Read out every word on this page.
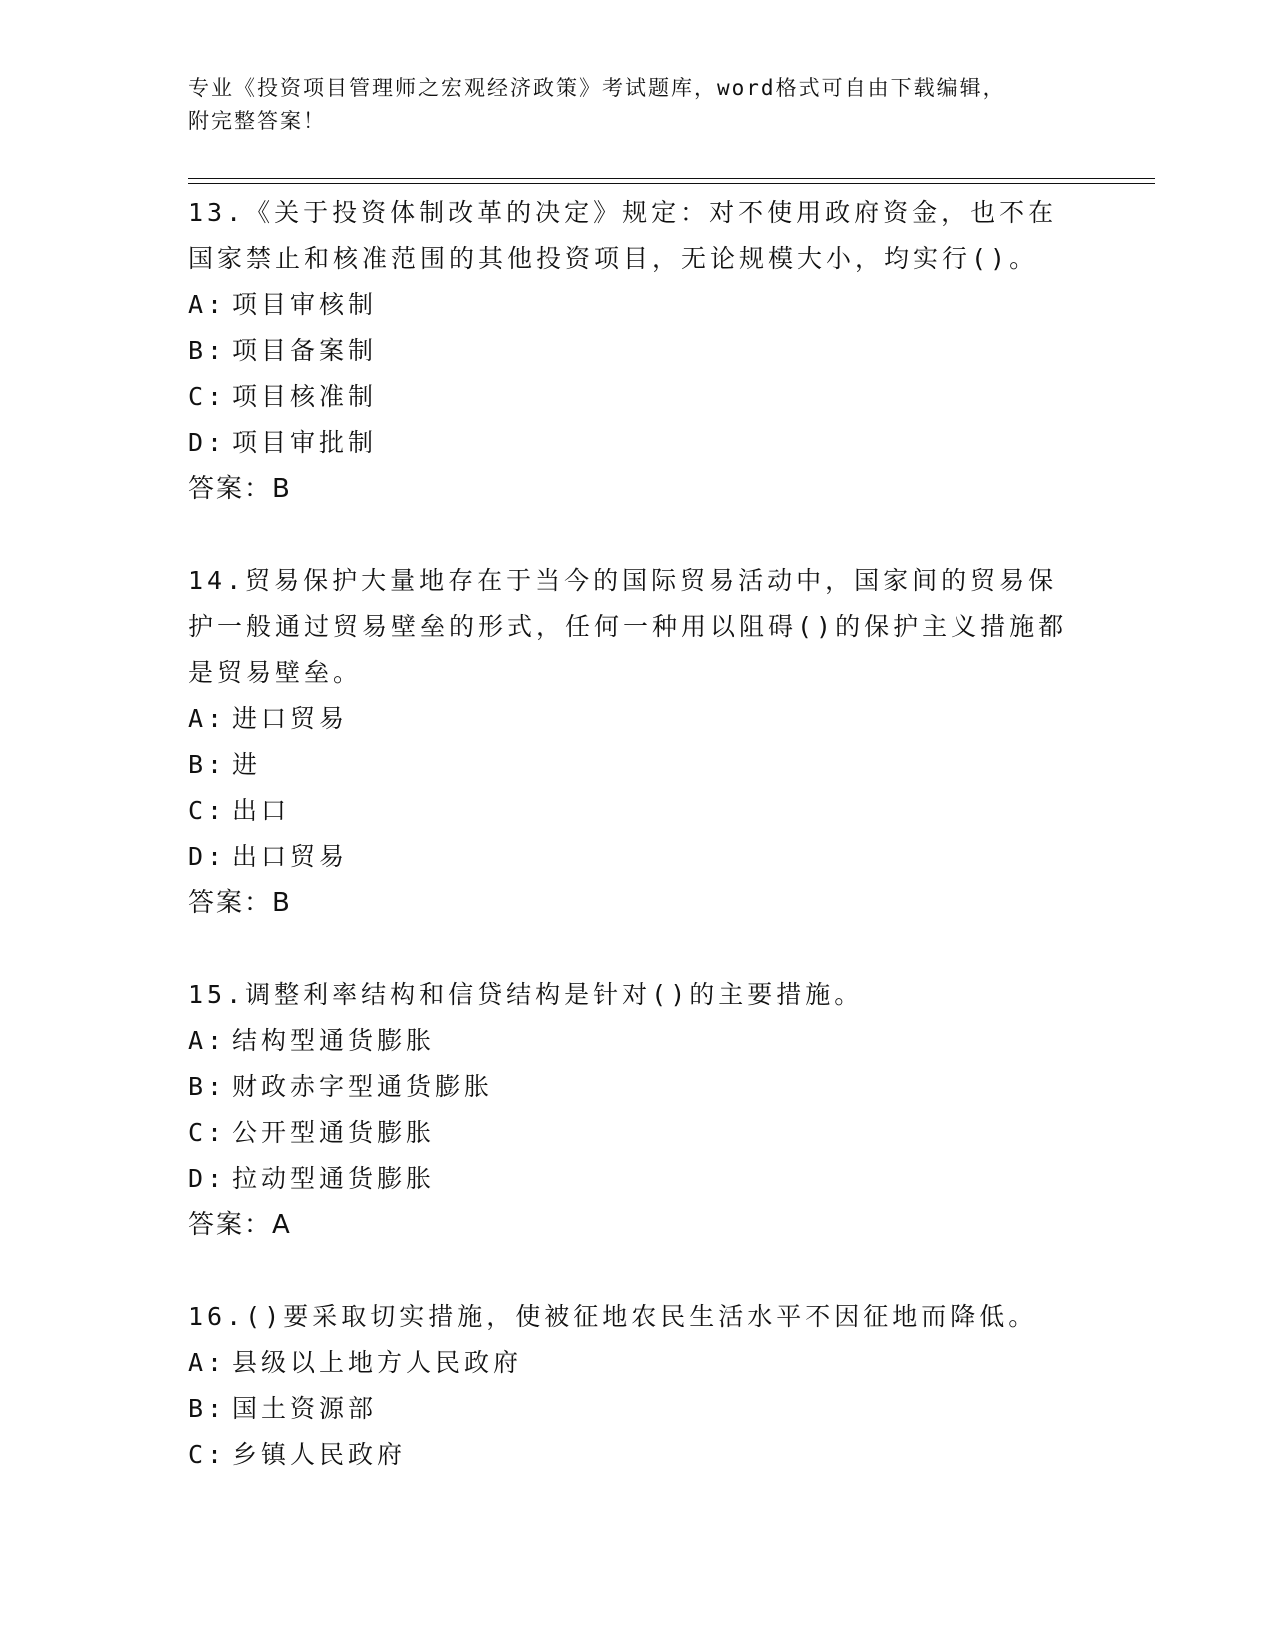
专业《投资项目管理师之宏观经济政策》考试题库，word格式可自由下载编辑，
附完整答案！
13.《关于投资体制改革的决定》规定：对不使用政府资金，也不在国家禁止和核准范围的其他投资项目，无论规模大小，均实行()。
A: 项目审核制
B: 项目备案制
C: 项目核准制
D: 项目审批制
答案：B
14.贸易保护大量地存在于当今的国际贸易活动中，国家间的贸易保护一般通过贸易壁垒的形式，任何一种用以阻碍()的保护主义措施都是贸易壁垒。
A: 进口贸易
B: 进
C: 出口
D: 出口贸易
答案：B
15.调整利率结构和信贷结构是针对()的主要措施。
A: 结构型通货膨胀
B: 财政赤字型通货膨胀
C: 公开型通货膨胀
D: 拉动型通货膨胀
答案：A
16.()要采取切实措施，使被征地农民生活水平不因征地而降低。
A: 县级以上地方人民政府
B: 国土资源部
C: 乡镇人民政府
